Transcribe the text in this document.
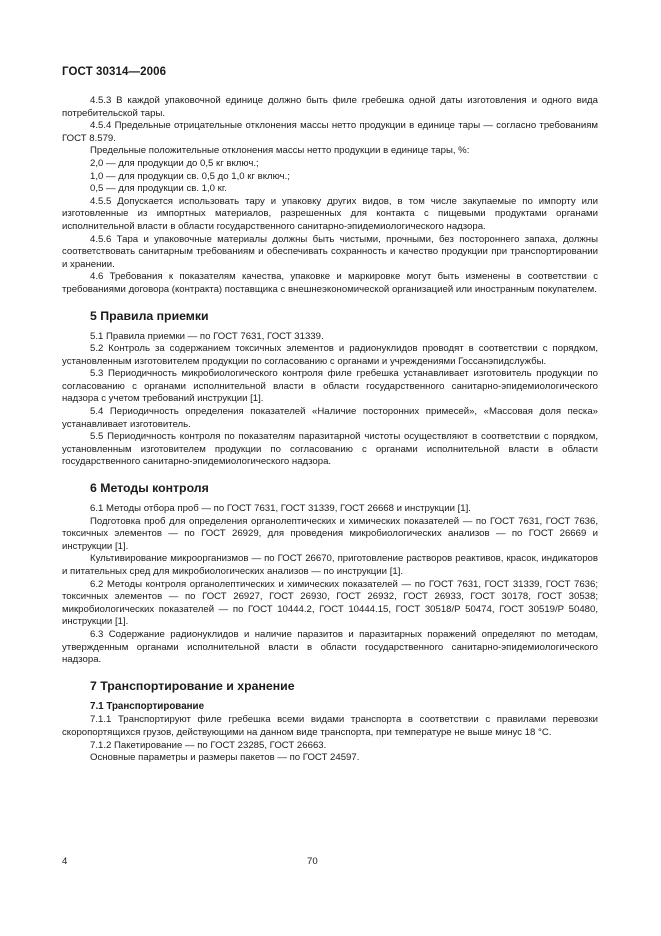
ГОСТ 30314—2006

4.5.3 В каждой упаковочной единице должно быть филе гребешка одной даты изготовления и одного вида потребительской тары.

4.5.4 Предельные отрицательные отклонения массы нетто продукции в единице тары — согласно требованиям ГОСТ 8.579.

Предельные положительные отклонения массы нетто продукции в единице тары, %:

2,0 — для продукции до 0,5 кг включ.;

1,0 — для продукции св. 0,5 до 1,0 кг включ.;

0,5 — для продукции св. 1,0 кг.

4.5.5 Допускается использовать тару и упаковку других видов, в том числе закупаемые по импорту или изготовленные из импортных материалов, разрешенных для контакта с пищевыми продуктами органами исполнительной власти в области государственного санитарно-эпидемиологического надзора.

4.5.6 Тара и упаковочные материалы должны быть чистыми, прочными, без постороннего запаха, должны соответствовать санитарным требованиям и обеспечивать сохранность и качество продукции при транспортировании и хранении.

4.6 Требования к показателям качества, упаковке и маркировке могут быть изменены в соответствии с требованиями договора (контракта) поставщика с внешнеэкономической организацией или иностранным покупателем.

5 Правила приемки

5.1 Правила приемки — по ГОСТ 7631, ГОСТ 31339.

5.2 Контроль за содержанием токсичных элементов и радионуклидов проводят в соответствии с порядком, установленным изготовителем продукции по согласованию с органами и учреждениями Госсанэпидслужбы.

5.3 Периодичность микробиологического контроля филе гребешка устанавливает изготовитель продукции по согласованию с органами исполнительной власти в области государственного санитарно-эпидемиологического надзора с учетом требований инструкции [1].

5.4 Периодичность определения показателей «Наличие посторонних примесей», «Массовая доля песка» устанавливает изготовитель.

5.5 Периодичность контроля по показателям паразитарной чистоты осуществляют в соответствии с порядком, установленным изготовителем продукции по согласованию с органами исполнительной власти в области государственного санитарно-эпидемиологического надзора.

6 Методы контроля

6.1 Методы отбора проб — по ГОСТ 7631, ГОСТ 31339, ГОСТ 26668 и инструкции [1].

Подготовка проб для определения органолептических и химических показателей — по ГОСТ 7631, ГОСТ 7636, токсичных элементов — по ГОСТ 26929, для проведения микробиологических анализов — по ГОСТ 26669 и инструкции [1].

Культивирование микроорганизмов — по ГОСТ 26670, приготовление растворов реактивов, красок, индикаторов и питательных сред для микробиологических анализов — по инструкции [1].

6.2 Методы контроля органолептических и химических показателей — по ГОСТ 7631, ГОСТ 31339, ГОСТ 7636; токсичных элементов — по ГОСТ 26927, ГОСТ 26930, ГОСТ 26932, ГОСТ 26933, ГОСТ 30178, ГОСТ 30538; микробиологических показателей — по ГОСТ 10444.2, ГОСТ 10444.15, ГОСТ 30518/Р 50474, ГОСТ 30519/Р 50480, инструкции [1].

6.3 Содержание радионуклидов и наличие паразитов и паразитарных поражений определяют по методам, утвержденным органами исполнительной власти в области государственного санитарно-эпидемиологического надзора.

7 Транспортирование и хранение
7.1 Транспортирование

7.1.1 Транспортируют филе гребешка всеми видами транспорта в соответствии с правилами перевозки скоропортящихся грузов, действующими на данном виде транспорта, при температуре не выше минус 18 °С.

7.1.2 Пакетирование — по ГОСТ 23285, ГОСТ 26663.

Основные параметры и размеры пакетов — по ГОСТ 24597.

4	70
